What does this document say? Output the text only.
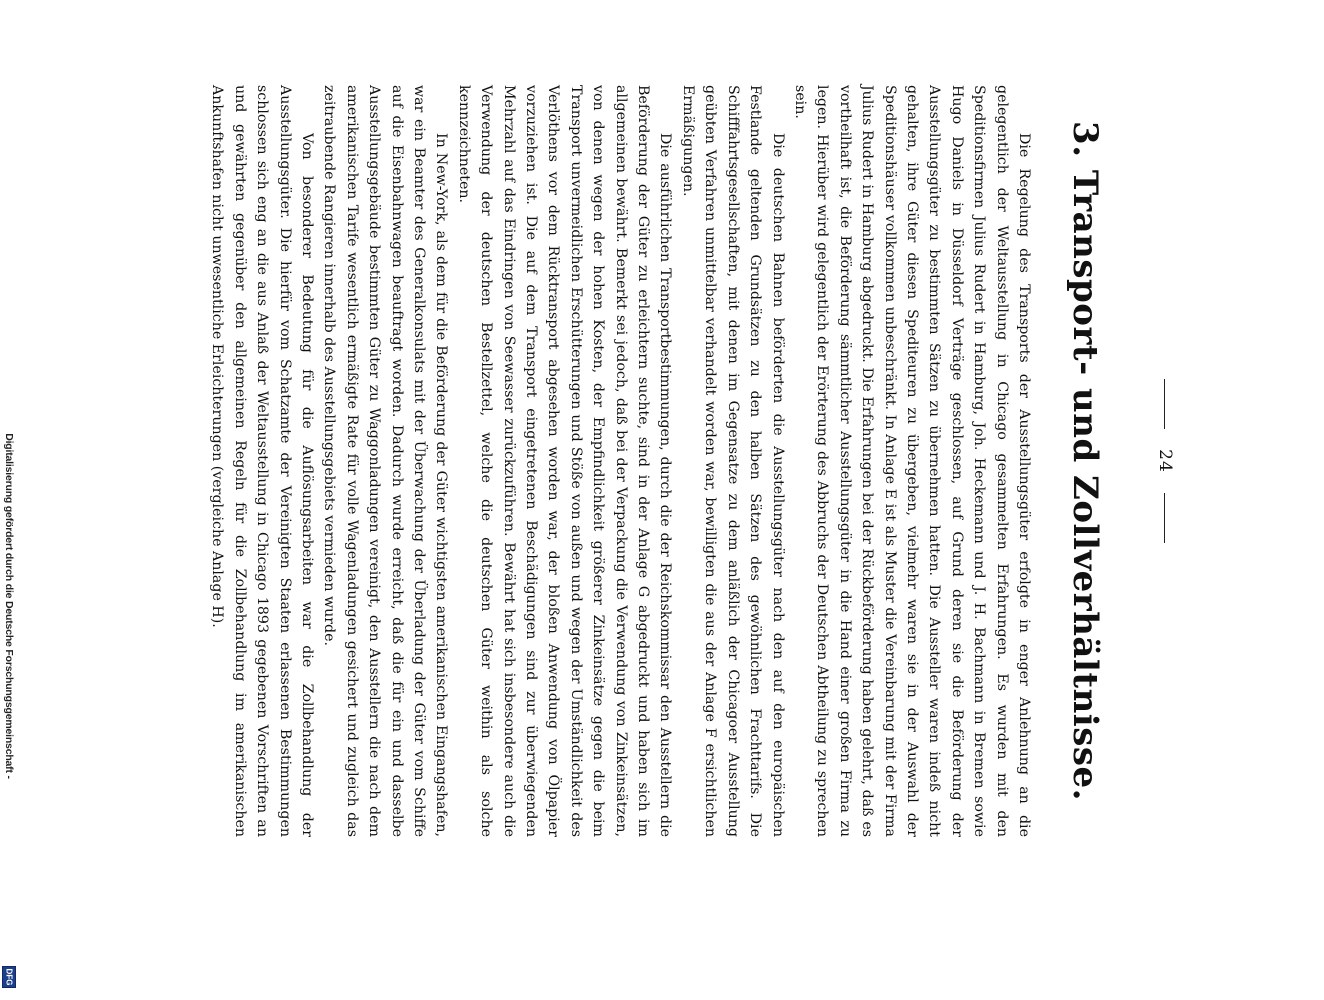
Digitalisierung gefördert durch die Deutsche Forschungsgemeinschaft -
DFG
24
3. Transport- und Zollverhältnisse.

Die Regelung des Transports der Ausstellungsgüter erfolgte in enger Anlehnung an die gelegentlich der Weltausstellung in Chicago gesammelten Erfahrungen. Es wurden mit den Speditionsfirmen Julius Rudert in Hamburg, Joh. Heckemann und J. H. Bachmann in Bremen sowie Hugo Daniels in Düsseldorf Verträge geschlossen, auf Grund deren sie die Beförderung der Ausstellungsgüter zu bestimmten Sätzen zu übernehmen hatten. Die Aussteller waren indeß nicht gehalten, ihre Güter diesen Spediteuren zu übergeben, vielmehr waren sie in der Auswahl der Speditionshäuser vollkommen unbeschränkt. In Anlage E ist als Muster die Vereinbarung mit der Firma Julius Rudert in Hamburg abgedruckt. Die Erfahrungen bei der Rückbeförderung haben gelehrt, daß es vortheilhaft ist, die Beförderung sämmtlicher Ausstellungsgüter in die Hand einer großen Firma zu legen. Hierüber wird gelegentlich der Erörterung des Abbruchs der Deutschen Abtheilung zu sprechen sein.

Die deutschen Bahnen beförderten die Ausstellungsgüter nach den auf den europäischen Festlande geltenden Grundsätzen zu den halben Sätzen des gewöhnlichen Frachttarifs. Die Schifffahrtsgesellschaften, mit denen im Gegensatze zu dem anläßlich der Chicagoer Ausstellung geübten Verfahren unmittelbar verhandelt worden war, bewilligten die aus der Anlage F ersichtlichen Ermäßigungen.

Die ausführlichen Transportbestimmungen, durch die der Reichskommissar den Ausstellern die Beförderung der Güter zu erleichtern suchte, sind in der Anlage G abgedruckt und haben sich im allgemeinen bewährt. Bemerkt sei jedoch, daß bei der Verpackung die Verwendung von Zinkeinsätzen, von denen wegen der hohen Kosten, der Empfindlichkeit größerer Zinkeinsätze gegen die beim Transport unvermeidlichen Erschütterungen und Stöße von außen und wegen der Umständlichkeit des Verlöthens vor dem Rücktransport abgesehen worden war, der bloßen Anwendung von Ölpapier vorzuziehen ist. Die auf dem Transport eingetretenen Beschädigungen sind zur überwiegenden Mehrzahl auf das Eindringen von Seewasser zurückzuführen. Bewährt hat sich insbesondere auch die Verwendung der deutschen Bestellzettel, welche die deutschen Güter weithin als solche kennzeichneten.

In New-York, als dem für die Beförderung der Güter wichtigsten amerikanischen Eingangshafen, war ein Beamter des Generalkonsulats mit der Überwachung der Überladung der Güter vom Schiffe auf die Eisenbahnwagen beauftragt worden. Dadurch wurde erreicht, daß die für ein und dasselbe Ausstellungsgebäude bestimmten Güter zu Waggonladungen vereinigt, den Ausstellern die nach dem amerikanischen Tarife wesentlich ermäßigte Rate für volle Wagenladungen gesichert und zugleich das zeitraubende Rangieren innerhalb des Ausstellungsgebiets vermieden wurde.

Von besonderer Bedeutung für die Auflösungsarbeiten war die Zollbehandlung der Ausstellungsgüter. Die hierfür vom Schatzamte der Vereinigten Staaten erlassenen Bestimmungen schlossen sich eng an die aus Anlaß der Weltausstellung in Chicago 1893 gegebenen Vorschriften an und gewährten gegenüber den allgemeinen Regeln für die Zollbehandlung im amerikanischen Ankunftshafen nicht unwesentliche Erleichterungen (vergleiche Anlage H).
